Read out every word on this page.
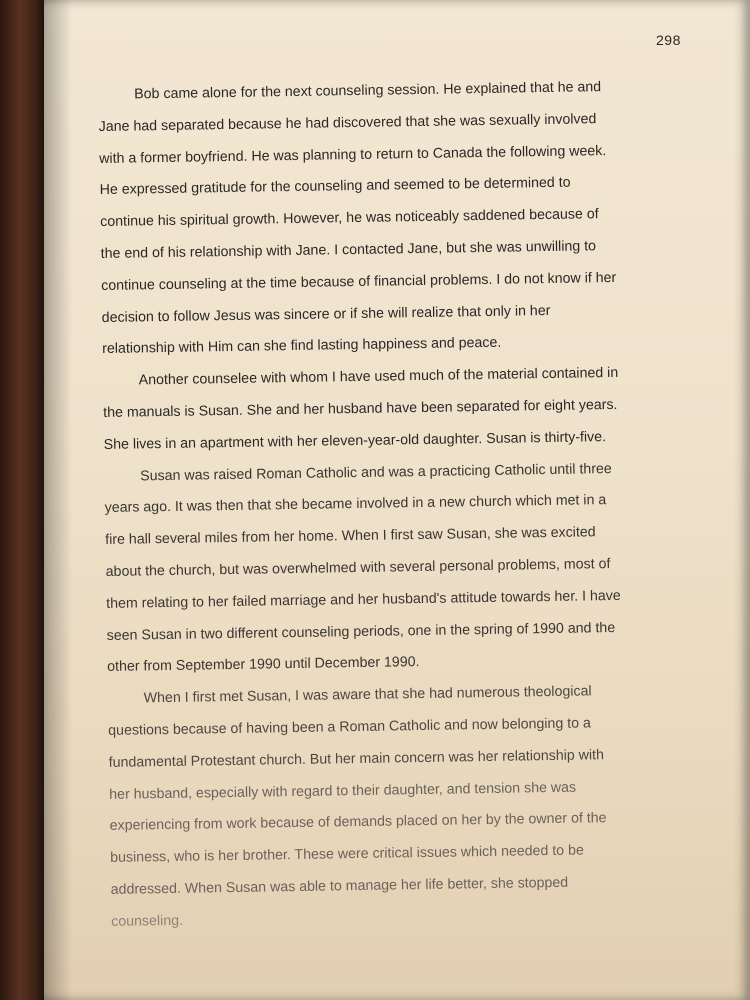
298
Bob came alone for the next counseling session. He explained that he and
Jane had separated because he had discovered that she was sexually involved
with a former boyfriend. He was planning to return to Canada the following week.
He expressed gratitude for the counseling and seemed to be determined to
continue his spiritual growth. However, he was noticeably saddened because of
the end of his relationship with Jane. I contacted Jane, but she was unwilling to
continue counseling at the time because of financial problems. I do not know if her
decision to follow Jesus was sincere or if she will realize that only in her
relationship with Him can she find lasting happiness and peace.
Another counselee with whom I have used much of the material contained in
the manuals is Susan. She and her husband have been separated for eight years.
She lives in an apartment with her eleven-year-old daughter. Susan is thirty-five.
Susan was raised Roman Catholic and was a practicing Catholic until three
years ago. It was then that she became involved in a new church which met in a
fire hall several miles from her home. When I first saw Susan, she was excited
about the church, but was overwhelmed with several personal problems, most of
them relating to her failed marriage and her husband's attitude towards her. I have
seen Susan in two different counseling periods, one in the spring of 1990 and the
other from September 1990 until December 1990.
When I first met Susan, I was aware that she had numerous theological
questions because of having been a Roman Catholic and now belonging to a
fundamental Protestant church. But her main concern was her relationship with
her husband, especially with regard to their daughter, and tension she was
experiencing from work because of demands placed on her by the owner of the
business, who is her brother. These were critical issues which needed to be
addressed. When Susan was able to manage her life better, she stopped
counseling.
